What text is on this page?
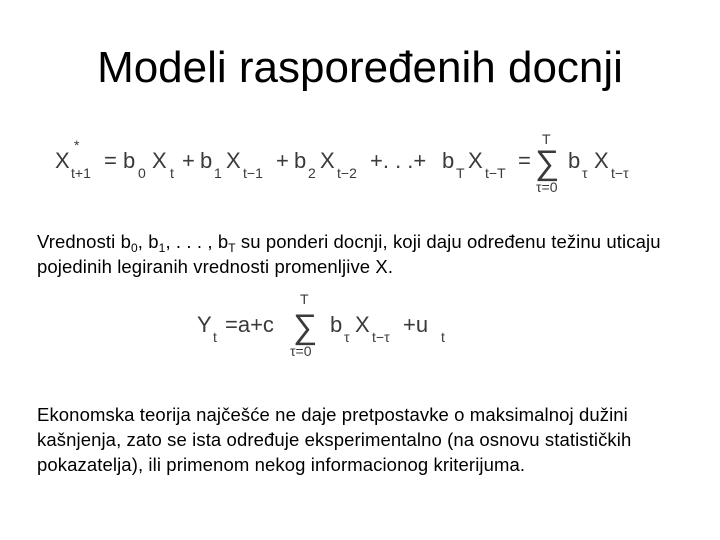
Modeli raspoređenih docnji
X
*
t+1 = b 0 X t + b 1 X t−1 + b 2 X t−2 +. . .+ b T X t−T =
T
∑
τ=0
b τ X t−τ
Vrednosti $b_0$, $b_1$, . . . , $b_T$ su ponderi docnji, koji daju određenu težinu uticaju pojedinih legiranih vrednosti promenljive X.
Y t =a+c
T
∑
τ=0
b τ X t−τ +u t
Ekonomska teorija najčešće ne daje pretpostavke o maksimalnoj dužini kašnjenja, zato se ista određuje eksperimentalno (na osnovu statističkih pokazatelja), ili primenom nekog informacionog kriterijuma.
